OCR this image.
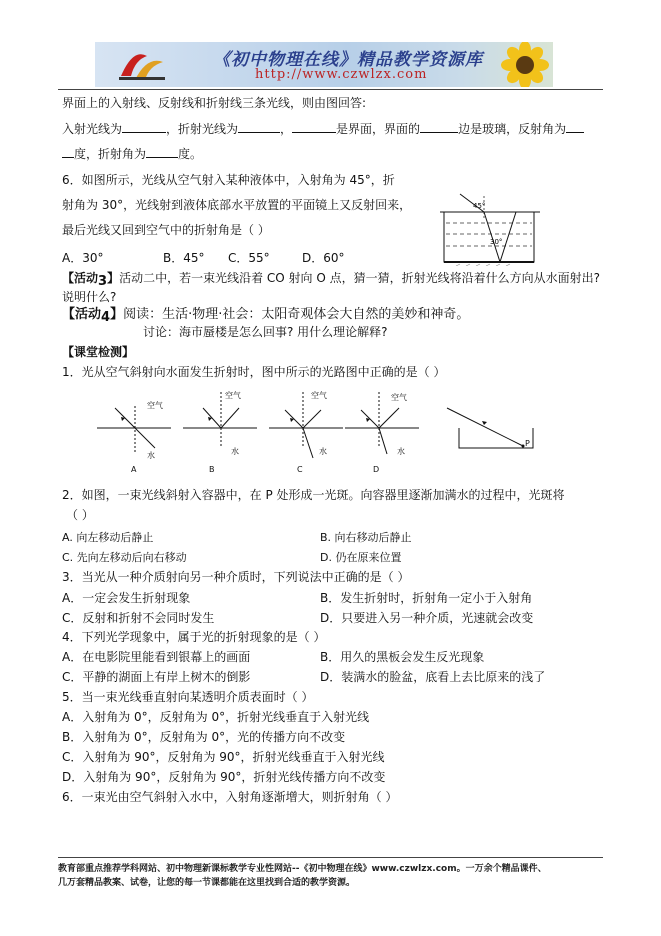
《初中物理在线》精品教学资源库
http://www.czwlzx.com
界面上的入射线、反射线和折射线三条光线，则由图回答:
入射光线为	，折射光线为	，	是界面，界面的	边是玻璃，反射角为
度，折射角为	度。
6．如图所示，光线从空气射入某种液体中，入射角为 45°，折
射角为 30°，光线射到液体底部水平放置的平面镜上又反射回来，
最后光线又回到空气中的折射角是（ ）
A．30°	B．45° C．55°	D．60°
45°
30°
【活动$_3$】活动二中，若一束光线沿着 CO 射向 O 点，猜一猜，折射光线将沿着什么方向从水面射出?
说明什么?
【活动$_4$】阅读：生活·物理·社会：太阳奇观体会大自然的美妙和神奇。
讨论：海市蜃楼是怎么回事? 用什么理论解释?
【课堂检测】
1．光从空气斜射向水面发生折射时，图中所示的光路图中正确的是（ ）
空气
水
A
空气
水
B
空气
水
C
空气
水
D
P
2．如图，一束光线斜射入容器中，在 P 处形成一光斑。向容器里逐渐加满水的过程中，光斑将
（ ）
A. 向左移动后静止	B. 向右移动后静止
C. 先向左移动后向右移动	D. 仍在原来位置
3．当光从一种介质射向另一种介质时，下列说法中正确的是（ ）
A．一定会发生折射现象	B．发生折射时，折射角一定小于入射角
C．反射和折射不会同时发生	D．只要进入另一种介质，光速就会改变
4．下列光学现象中，属于光的折射现象的是（ ）
A．在电影院里能看到银幕上的画面	B．用久的黑板会发生反光现象
C．平静的湖面上有岸上树木的倒影	D．装满水的脸盆，底看上去比原来的浅了
5．当一束光线垂直射向某透明介质表面时（ ）
A．入射角为 0°，反射角为 0°，折射光线垂直于入射光线
B．入射角为 0°，反射角为 0°，光的传播方向不改变
C．入射角为 90°，反射角为 90°，折射光线垂直于入射光线
D．入射角为 90°，反射角为 90°，折射光线传播方向不改变
6．一束光由空气斜射入水中，入射角逐渐增大，则折射角（ ）
教育部重点推荐学科网站、初中物理新课标教学专业性网站--《初中物理在线》www.czwlzx.com。一万余个精品课件、
几万套精品教案、试卷，让您的每一节课都能在这里找到合适的教学资源。
